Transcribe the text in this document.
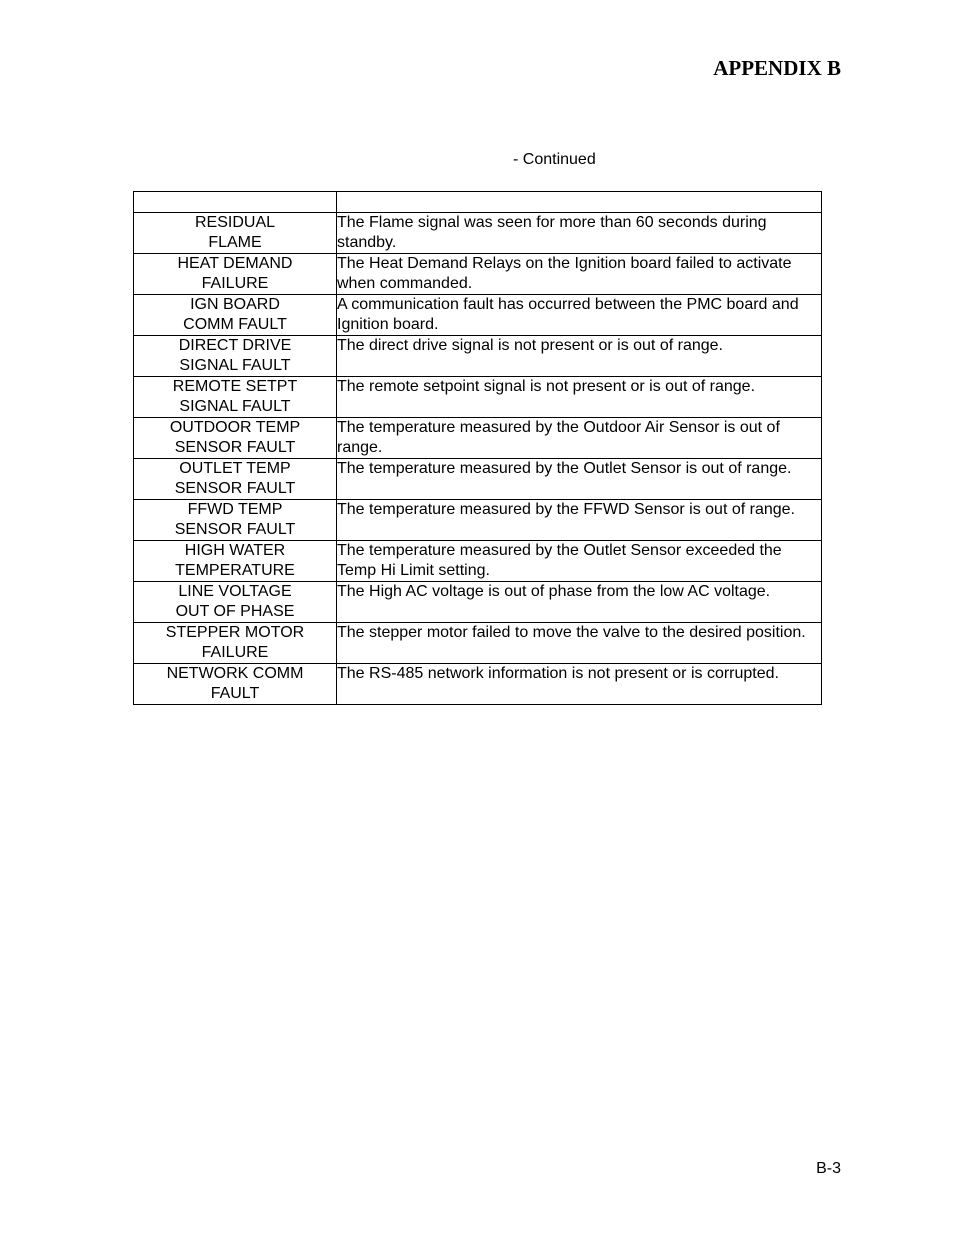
APPENDIX B
- Continued

RESIDUAL
FLAME	The Flame signal was seen for more than 60 seconds during standby.
HEAT DEMAND
FAILURE	The Heat Demand Relays on the Ignition board failed to activate when commanded.
IGN BOARD
COMM FAULT	A communication fault has occurred between the PMC board and Ignition board.
DIRECT DRIVE
SIGNAL FAULT	The direct drive signal is not present or is out of range.
REMOTE SETPT
SIGNAL FAULT	The remote setpoint signal is not present or is out of range.
OUTDOOR TEMP
SENSOR FAULT	The temperature measured by the Outdoor Air Sensor is out of range.
OUTLET TEMP
SENSOR FAULT	The temperature measured by the Outlet Sensor is out of range.
FFWD TEMP
SENSOR FAULT	The temperature measured by the FFWD Sensor is out of range.
HIGH WATER
TEMPERATURE	The temperature measured by the Outlet Sensor exceeded the Temp Hi Limit setting.
LINE VOLTAGE
OUT OF PHASE	The High AC voltage is out of phase from the low AC voltage.
STEPPER MOTOR
FAILURE	The stepper motor failed to move the valve to the desired position.
NETWORK COMM
FAULT	The RS-485 network information is not present or is corrupted.
B-3
